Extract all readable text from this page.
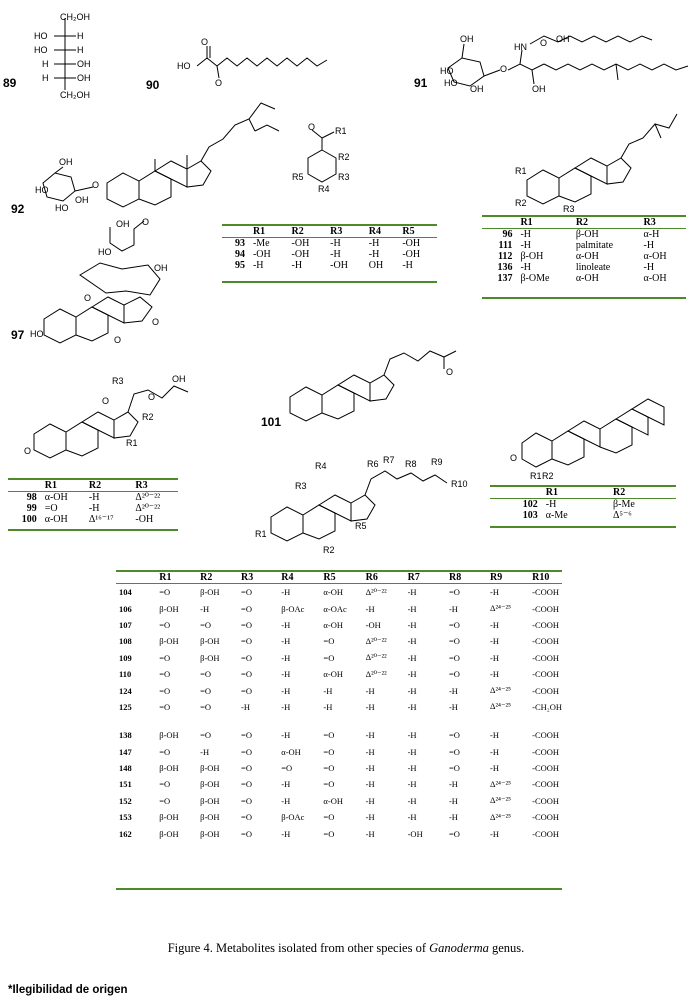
CH₂OH
HO	H
HO	H
H	OH
H	OH
CH₂OH
89
O
HO
O
90
OH
HO
HO
OH
O
HN O OH
OH
91
OH
HO
HO
OH
O
92
O R1
R2
R3
R4
R5
	R1	R2	R3	R4	R5
93	-Me	-OH	-H	-H	-OH
94	-OH	-OH	-H	-H	-OH
95	-H	-H	-OH	OH	-H
R1
R2
R3
	R1	R2	R3
96	-H	β-OH	α-H
111	-H	palmitate	-H
112	β-OH	α-OH	α-OH
136	-H	linoleate	-H
137	β-OMe	α-OH	α-OH
OH O
HO
OH
HO
O
O
O
97
O
O	O
OH
R3
R2
R1
	R1	R2	R3
98	α-OH	-H	Δ²⁰⁻²²
99	=O	-H	Δ²⁰⁻²²
100	α-OH	Δ¹⁶⁻¹⁷	-OH
O
101
O
R1 R2
	R1	R2
102	-H	β-Me
103	α-Me	Δ⁵⁻⁶
R1
R2
R3
R4
R5
R6 R7 R8 R9
R10
	R1	R2	R3	R4	R5	R6	R7	R8	R9	R10
104	=O	β-OH	=O	-H	α-OH	Δ²⁰⁻²²	-H	=O	-H	-COOH
106	β-OH	-H	=O	β-OAc	α-OAc	-H	-H	-H	Δ²⁴⁻²⁵	-COOH
107	=O	=O	=O	-H	α-OH	-OH	-H	=O	-H	-COOH
108	β-OH	β-OH	=O	-H	=O	Δ²⁰⁻²²	-H	=O	-H	-COOH
109	=O	β-OH	=O	-H	=O	Δ²⁰⁻²²	-H	=O	-H	-COOH
110	=O	=O	=O	-H	α-OH	Δ²⁰⁻²²	-H	=O	-H	-COOH
124	=O	=O	=O	-H	-H	-H	-H	-H	Δ²⁴⁻²⁵	-COOH
125	=O	=O	-H	-H	-H	-H	-H	-H	Δ²⁴⁻²⁵	-CH₂OH

138	β-OH	=O	=O	-H	=O	-H	-H	=O	-H	-COOH
147	=O	-H	=O	α-OH	=O	-H	-H	=O	-H	-COOH
148	β-OH	β-OH	=O	=O	=O	-H	-H	=O	-H	-COOH
151	=O	β-OH	=O	-H	=O	-H	-H	-H	Δ²⁴⁻²⁵	-COOH
152	=O	β-OH	=O	-H	α-OH	-H	-H	-H	Δ²⁴⁻²⁵	-COOH
153	β-OH	β-OH	=O	β-OAc	=O	-H	-H	-H	Δ²⁴⁻²⁵	-COOH
162	β-OH	β-OH	=O	-H	=O	-H	-OH	=O	-H	-COOH
Figure 4. Metabolites isolated from other species of Ganoderma genus.
*Ilegibilidad de origen
